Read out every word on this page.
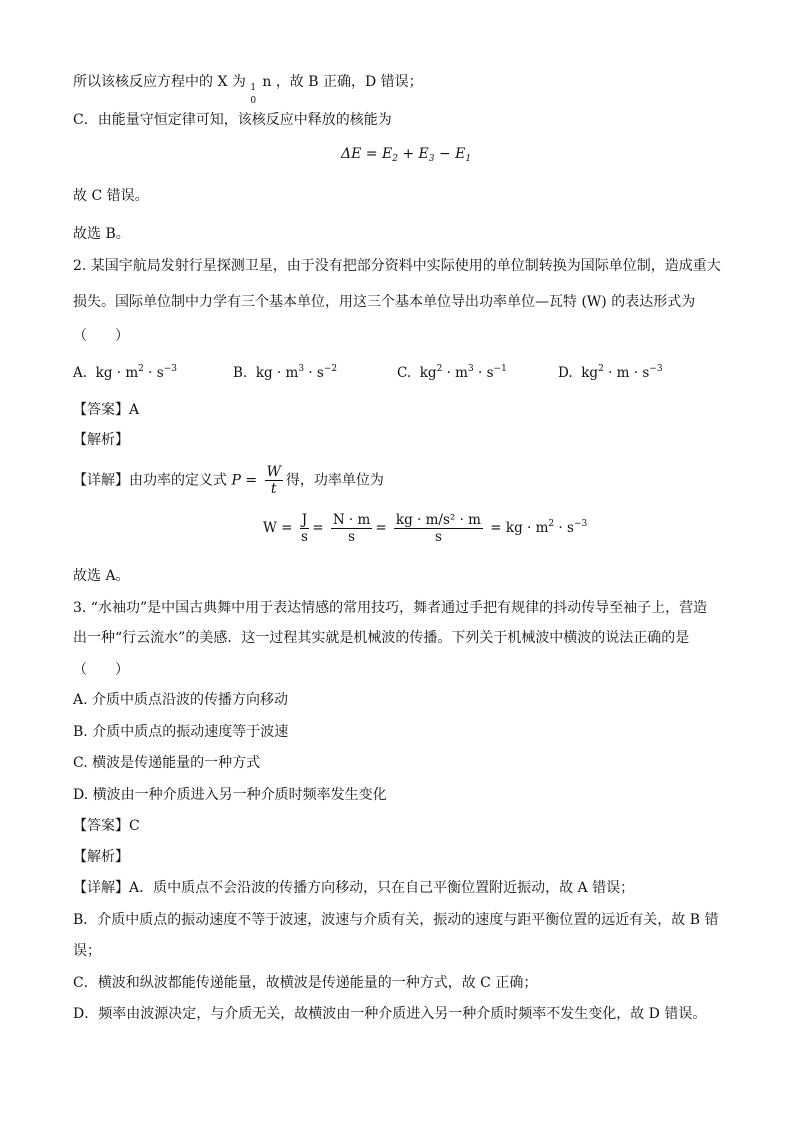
所以该核反应方程中的 X 为 1
0
n ，故 B 正确，D 错误；
C．由能量守恒定律可知，该核反应中释放的核能为
$\Delta E = E_2 + E_3 - E_1$
故 C 错误。
故选 B。
2. 某国宇航局发射行星探测卫星，由于没有把部分资料中实际使用的单位制转换为国际单位制，造成重大
损失。国际单位制中力学有三个基本单位，用这三个基本单位导出功率单位—瓦特 (W) 的表达形式为
（　　）
A. kg · $m^2 \cdot s^{-3}$	B. kg · $m^3 \cdot s^{-2}$	C. $kg^2 \cdot m^3 \cdot s^{-1}$	D. $kg^2 \cdot m \cdot s^{-3}$
【答案】A
【解析】
【详解】由功率的定义式 $P = \frac{W}{t}$ 得，功率单位为
$W = \frac{J}{s} = \frac{N \cdot m}{s} = \frac{\text{kg · m/s² · m}}{s}$ = kg · $m^2 \cdot s^{-3}$
故选 A。
3. “水袖功”是中国古典舞中用于表达情感的常用技巧，舞者通过手把有规律的抖动传导至袖子上，营造
出一种“行云流水”的美感．这一过程其实就是机械波的传播。下列关于机械波中横波的说法正确的是
（　　）
A. 介质中质点沿波的传播方向移动
B. 介质中质点的振动速度等于波速
C. 横波是传递能量的一种方式
D. 横波由一种介质进入另一种介质时频率发生变化
【答案】C
【解析】
【详解】A．质中质点不会沿波的传播方向移动，只在自己平衡位置附近振动，故 A 错误；
B．介质中质点的振动速度不等于波速，波速与介质有关，振动的速度与距平衡位置的远近有关，故 B 错
误；
C．横波和纵波都能传递能量，故横波是传递能量的一种方式，故 C 正确；
D．频率由波源决定，与介质无关，故横波由一种介质进入另一种介质时频率不发生变化，故 D 错误。
